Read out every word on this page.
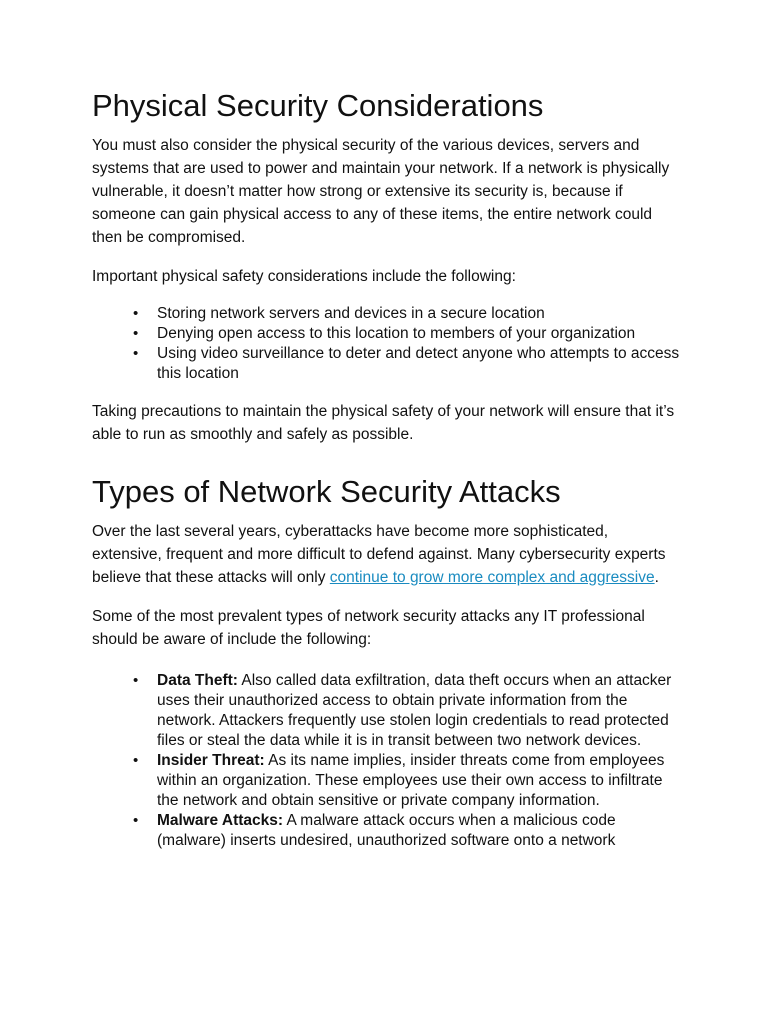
Physical Security Considerations

You must also consider the physical security of the various devices, servers and systems that are used to power and maintain your network. If a network is physically vulnerable, it doesn’t matter how strong or extensive its security is, because if someone can gain physical access to any of these items, the entire network could then be compromised.

Important physical safety considerations include the following:

• Storing network servers and devices in a secure location
• Denying open access to this location to members of your organization
• Using video surveillance to deter and detect anyone who attempts to access this location

Taking precautions to maintain the physical safety of your network will ensure that it’s able to run as smoothly and safely as possible.

Types of Network Security Attacks

Over the last several years, cyberattacks have become more sophisticated, extensive, frequent and more difficult to defend against. Many cybersecurity experts believe that these attacks will only continue to grow more complex and aggressive.

Some of the most prevalent types of network security attacks any IT professional should be aware of include the following:

• Data Theft: Also called data exfiltration, data theft occurs when an attacker uses their unauthorized access to obtain private information from the network. Attackers frequently use stolen login credentials to read protected files or steal the data while it is in transit between two network devices.
• Insider Threat: As its name implies, insider threats come from employees within an organization. These employees use their own access to infiltrate the network and obtain sensitive or private company information.
• Malware Attacks: A malware attack occurs when a malicious code (malware) inserts undesired, unauthorized software onto a network
